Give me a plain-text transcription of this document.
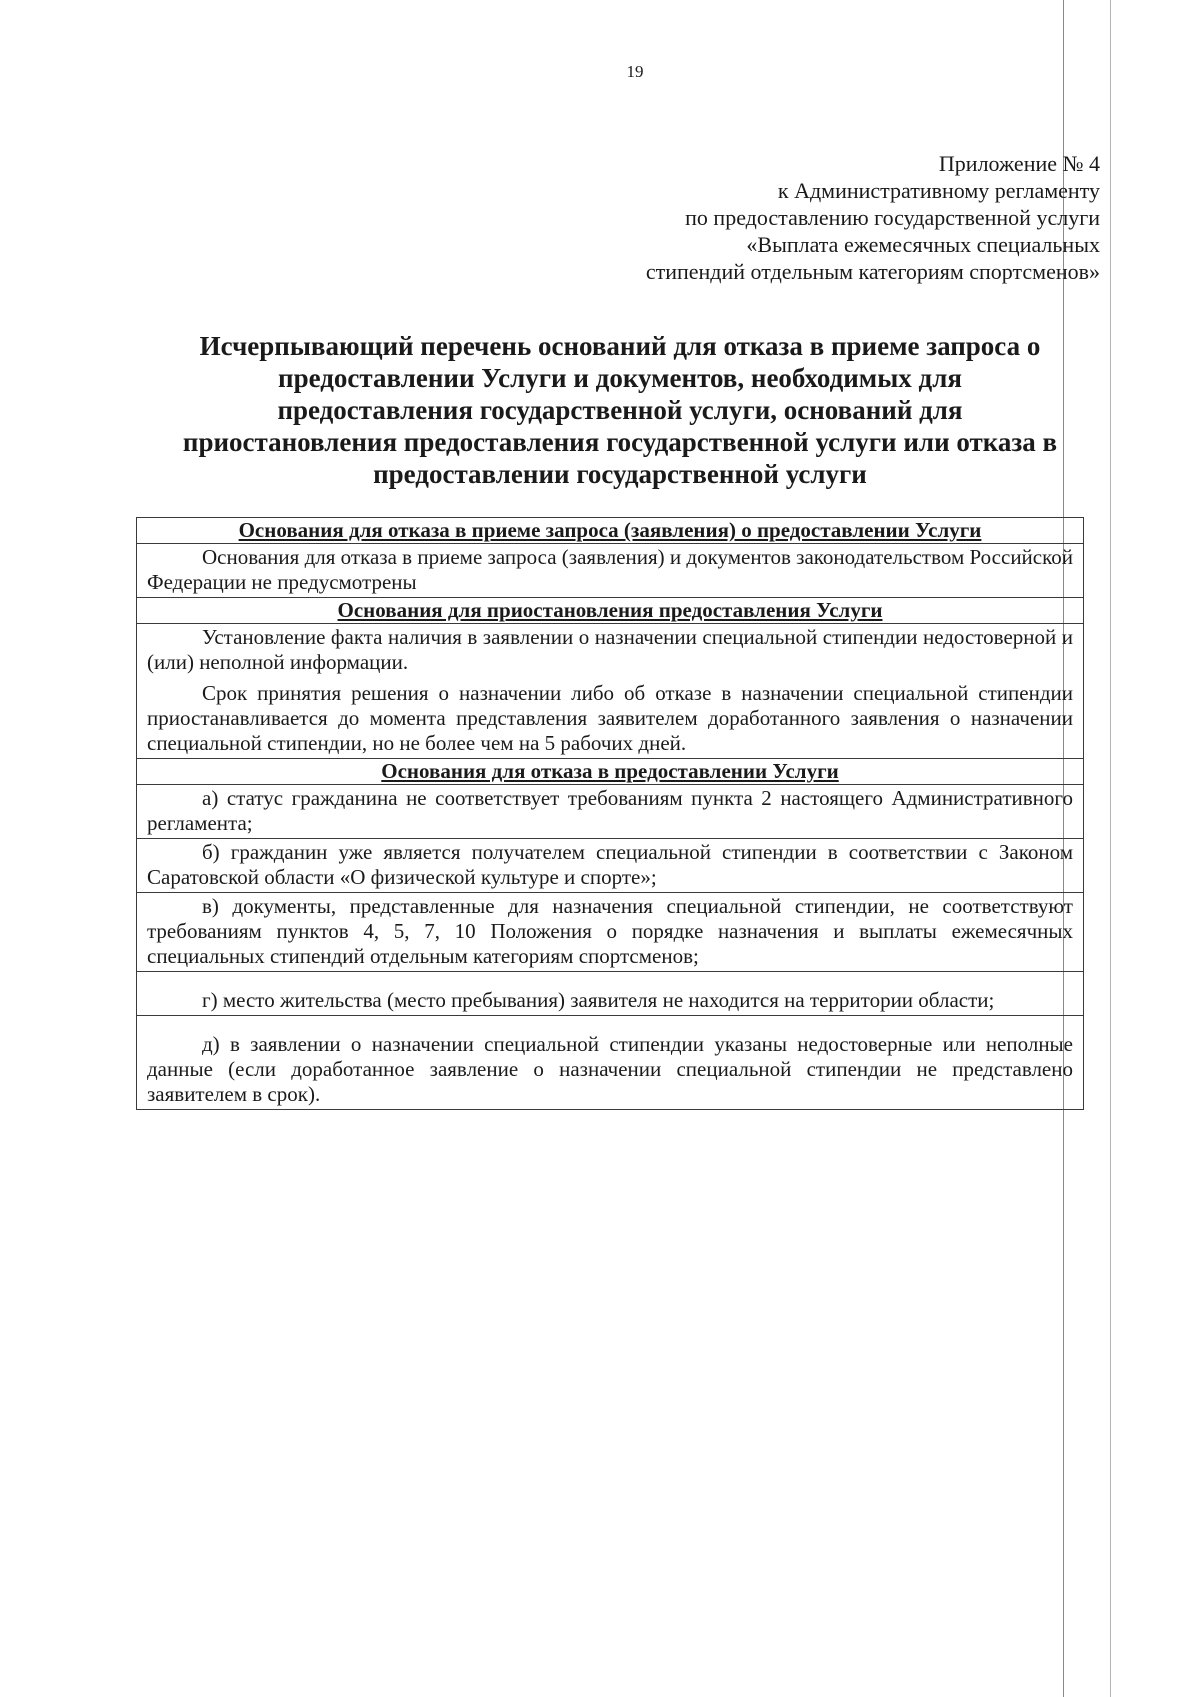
19
Приложение № 4
к Административному регламенту
по предоставлению государственной услуги
«Выплата ежемесячных специальных
стипендий отдельным категориям спортсменов»
Исчерпывающий перечень оснований для отказа в приеме запроса о
предоставлении Услуги и документов, необходимых для
предоставления государственной услуги, оснований для
приостановления предоставления государственной услуги или отказа в
предоставлении государственной услуги
Основания для отказа в приеме запроса (заявления) о предоставлении Услуги

Основания для отказа в приеме запроса (заявления) и документов законодательством Российской Федерации не предусмотрены

Основания для приостановления предоставления Услуги

Установление факта наличия в заявлении о назначении специальной стипендии недостоверной и (или) неполной информации.

Срок принятия решения о назначении либо об отказе в назначении специальной стипендии приостанавливается до момента представления заявителем доработанного заявления о назначении специальной стипендии, но не более чем на 5 рабочих дней.

Основания для отказа в предоставлении Услуги

а) статус гражданина не соответствует требованиям пункта 2 настоящего Административного регламента;

б) гражданин уже является получателем специальной стипендии в соответствии с Законом Саратовской области «О физической культуре и спорте»;

в) документы, представленные для назначения специальной стипендии, не соответствуют требованиям пунктов 4, 5, 7, 10 Положения о порядке назначения и выплаты ежемесячных специальных стипендий отдельным категориям спортсменов;

г) место жительства (место пребывания) заявителя не находится на территории области;

д) в заявлении о назначении специальной стипендии указаны недостоверные или неполные данные (если доработанное заявление о назначении специальной стипендии не представлено заявителем в срок).
